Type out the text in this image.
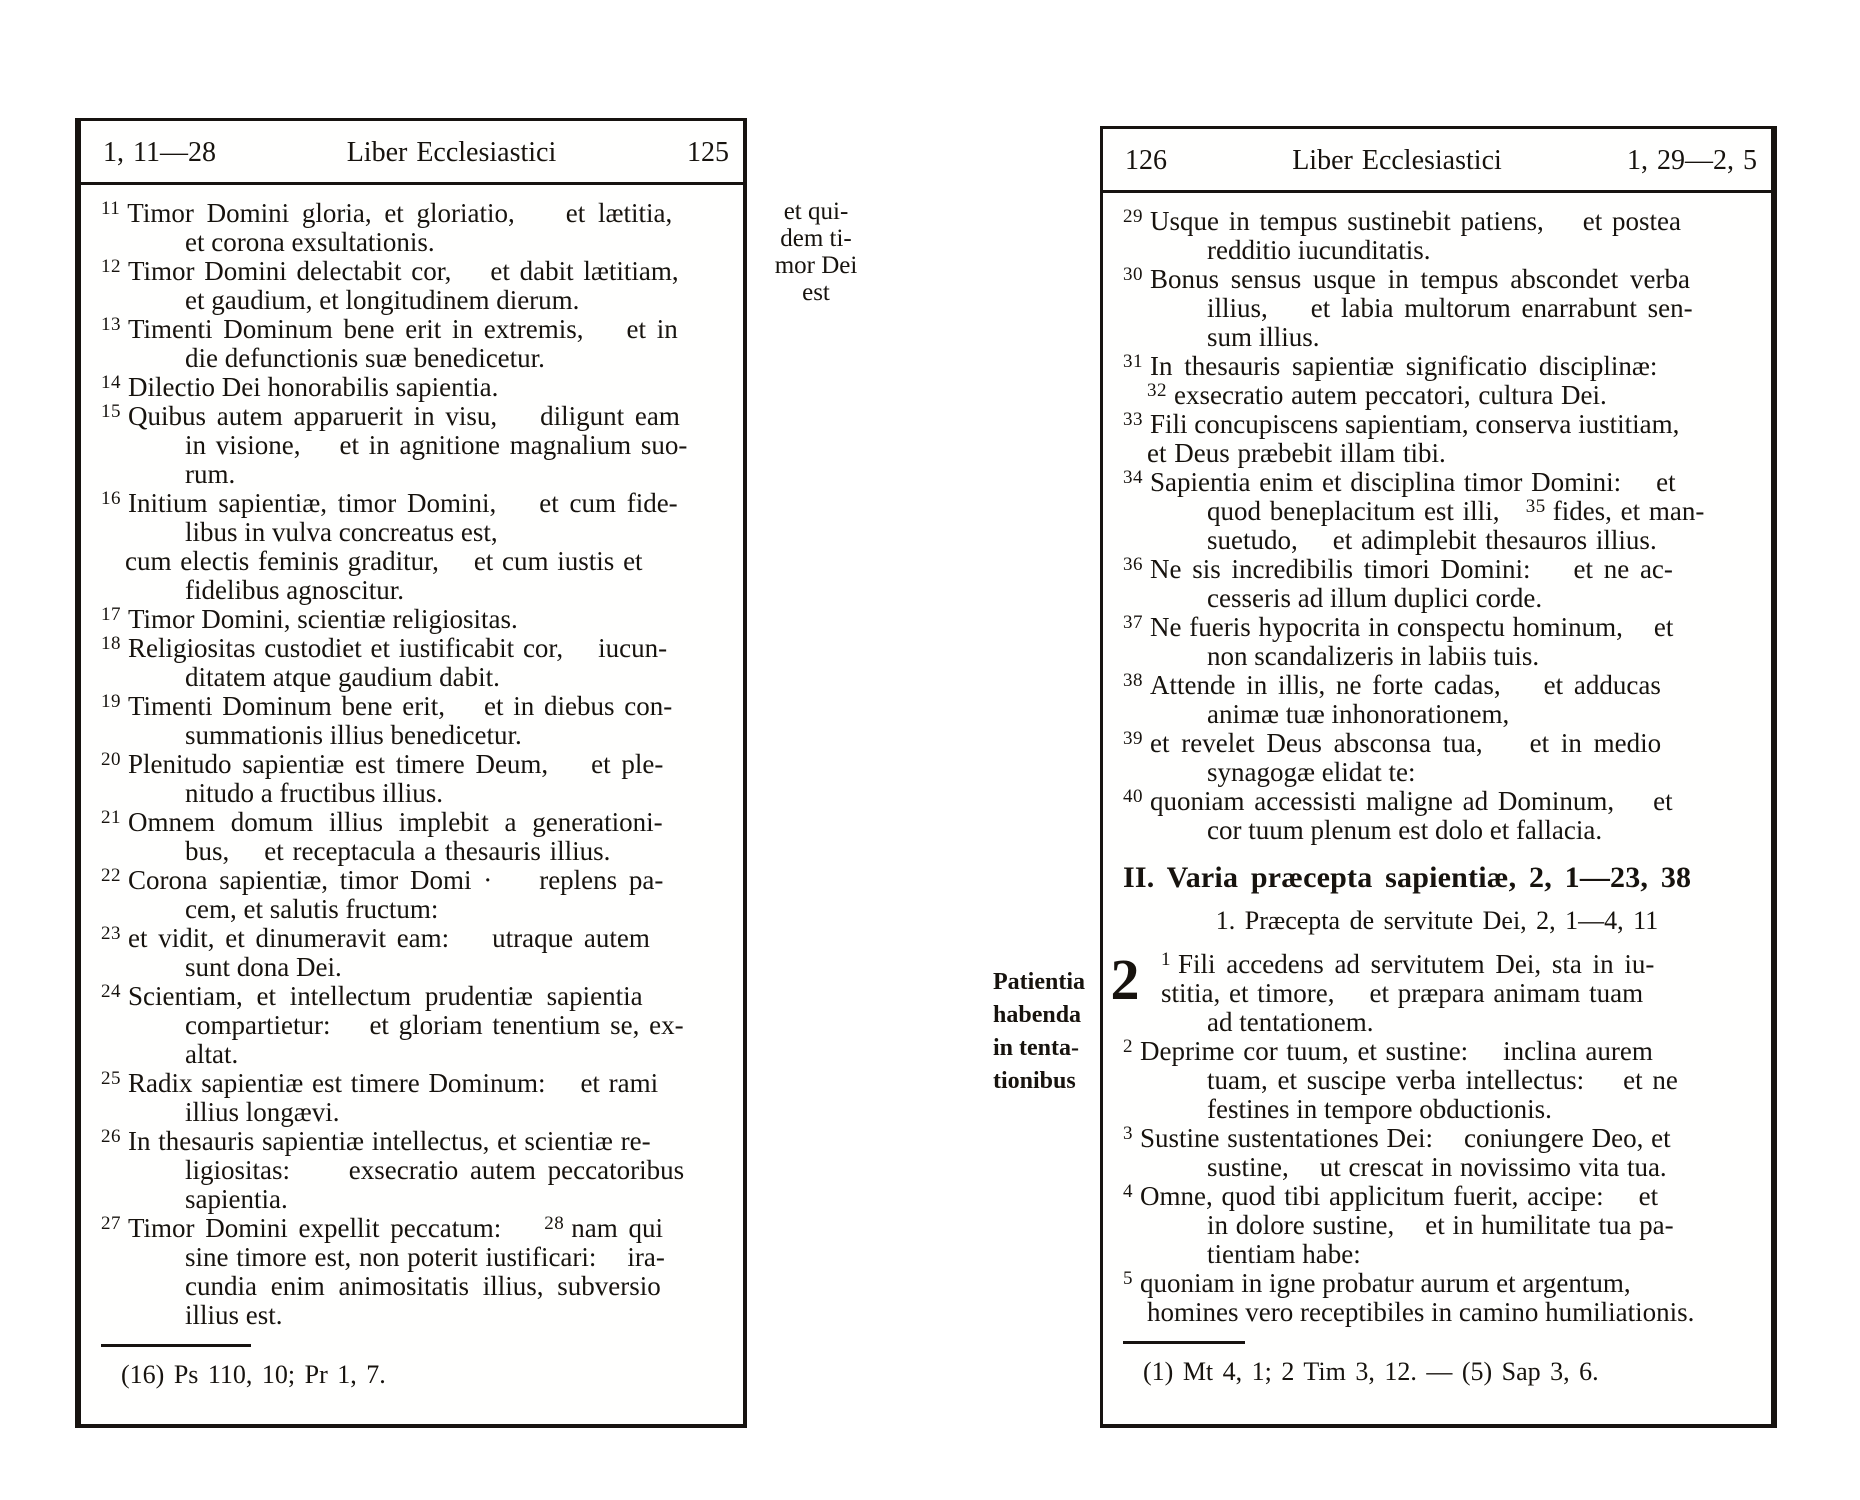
1, 11—28	Liber Ecclesiastici	125
$^{11}$ Timor Domini gloria, et gloriatio,    et lætitia,
et corona exsultationis.
$^{12}$ Timor Domini delectabit cor,    et dabit lætitiam,
et gaudium, et longitudinem dierum.
$^{13}$ Timenti Dominum bene erit in extremis,    et in
die defunctionis suæ benedicetur.
$^{14}$ Dilectio Dei honorabilis sapientia.
$^{15}$ Quibus autem apparuerit in visu,    diligunt eam
in visione,    et in agnitione magnalium suo-
rum.
$^{16}$ Initium sapientiæ, timor Domini,    et cum fide-
libus in vulva concreatus est,
cum electis feminis graditur,    et cum iustis et
fidelibus agnoscitur.
$^{17}$ Timor Domini, scientiæ religiositas.
$^{18}$ Religiositas custodiet et iustificabit cor,    iucun-
ditatem atque gaudium dabit.
$^{19}$ Timenti Dominum bene erit,    et in diebus con-
summationis illius benedicetur.
$^{20}$ Plenitudo sapientiæ est timere Deum,    et ple-
nitudo a fructibus illius.
$^{21}$ Omnem domum illius implebit a generationi-
bus,    et receptacula a thesauris illius.
$^{22}$ Corona sapientiæ, timor Domi ·    replens pa-
cem, et salutis fructum:
$^{23}$ et vidit, et dinumeravit eam:    utraque autem
sunt dona Dei.
$^{24}$ Scientiam, et intellectum prudentiæ sapientia
compartietur:    et gloriam tenentium se, ex-
altat.
$^{25}$ Radix sapientiæ est timere Dominum:    et rami
illius longævi.
$^{26}$ In thesauris sapientiæ intellectus, et scientiæ re-
ligiositas:     exsecratio autem peccatoribus
sapientia.
$^{27}$ Timor Domini expellit peccatum:    $^{28}$ nam qui
sine timore est, non poterit iustificari:    ira-
cundia enim animositatis illius, subversio
illius est.
(16) Ps 110, 10; Pr 1, 7.
et qui-
dem ti-
mor Dei
est
Patientia
habenda
in tenta-
tionibus
126	Liber Ecclesiastici	1, 29—2, 5
$^{29}$ Usque in tempus sustinebit patiens,    et postea
redditio iucunditatis.
$^{30}$ Bonus sensus usque in tempus abscondet verba
illius,    et labia multorum enarrabunt sen-
sum illius.
$^{31}$ In thesauris sapientiæ significatio disciplinæ:
$^{32}$ exsecratio autem peccatori, cultura Dei.
$^{33}$ Fili concupiscens sapientiam, conserva iustitiam,
et Deus præbebit illam tibi.
$^{34}$ Sapientia enim et disciplina timor Domini:    et
quod beneplacitum est illi,   $^{35}$ fides, et man-
suetudo,    et adimplebit thesauros illius.
$^{36}$ Ne sis incredibilis timori Domini:    et ne ac-
cesseris ad illum duplici corde.
$^{37}$ Ne fueris hypocrita in conspectu hominum,    et
non scandalizeris in labiis tuis.
$^{38}$ Attende in illis, ne forte cadas,    et adducas
animæ tuæ inhonorationem,
$^{39}$ et revelet Deus absconsa tua,    et in medio
synagogæ elidat te:
$^{40}$ quoniam accessisti maligne ad Dominum,    et
cor tuum plenum est dolo et fallacia.
II. Varia præcepta sapientiæ, 2, 1—23, 38
1. Præcepta de servitute Dei, 2, 1—4, 11
2	$^1$ Fili accedens ad servitutem Dei, sta in iu-
stitia, et timore,    et præpara animam tuam
ad tentationem.
$^2$ Deprime cor tuum, et sustine:    inclina aurem
tuam, et suscipe verba intellectus:    et ne
festines in tempore obductionis.
$^3$ Sustine sustentationes Dei:    coniungere Deo, et
sustine,    ut crescat in novissimo vita tua.
$^4$ Omne, quod tibi applicitum fuerit, accipe:    et
in dolore sustine,    et in humilitate tua pa-
tientiam habe:
$^5$ quoniam in igne probatur aurum et argentum,
homines vero receptibiles in camino humiliationis.
(1) Mt 4, 1; 2 Tim 3, 12. — (5) Sap 3, 6.
